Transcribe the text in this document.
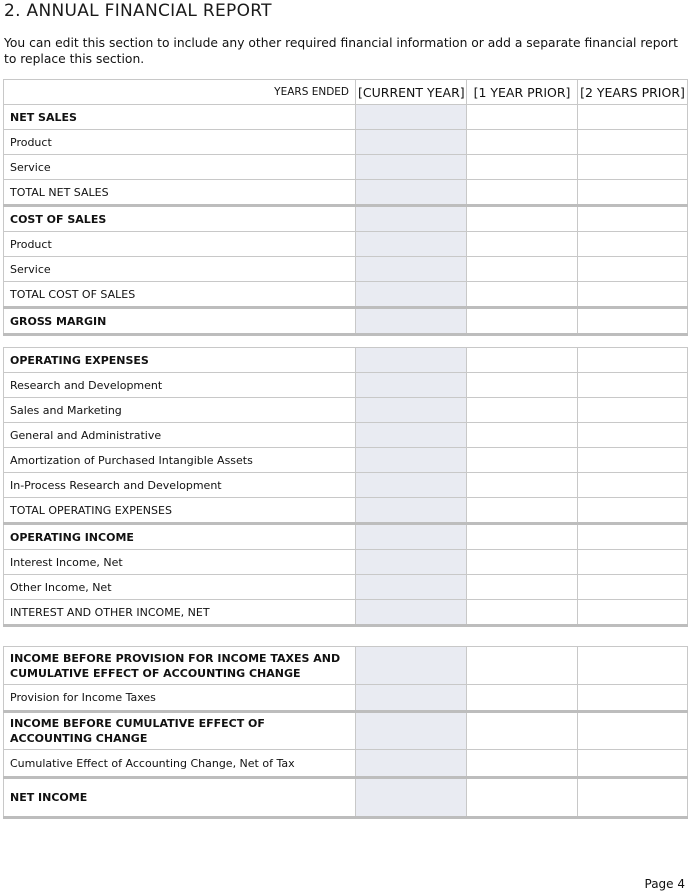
2. ANNUAL FINANCIAL REPORT

You can edit this section to include any other required financial information or add a separate financial report to replace this section.

YEARS ENDED	[CURRENT YEAR]	[1 YEAR PRIOR]	[2 YEARS PRIOR]
NET SALES			
Product			
Service			
TOTAL NET SALES			
COST OF SALES			
Product			
Service			
TOTAL COST OF SALES			
GROSS MARGIN			
OPERATING EXPENSES			
Research and Development			
Sales and Marketing			
General and Administrative			
Amortization of Purchased Intangible Assets			
In-Process Research and Development			
TOTAL OPERATING EXPENSES			
OPERATING INCOME			
Interest Income, Net			
Other Income, Net			
INTEREST AND OTHER INCOME, NET			
INCOME BEFORE PROVISION FOR INCOME TAXES AND CUMULATIVE EFFECT OF ACCOUNTING CHANGE			
Provision for Income Taxes			
INCOME BEFORE CUMULATIVE EFFECT OF ACCOUNTING CHANGE			
Cumulative Effect of Accounting Change, Net of Tax			
NET INCOME			

Page 4
